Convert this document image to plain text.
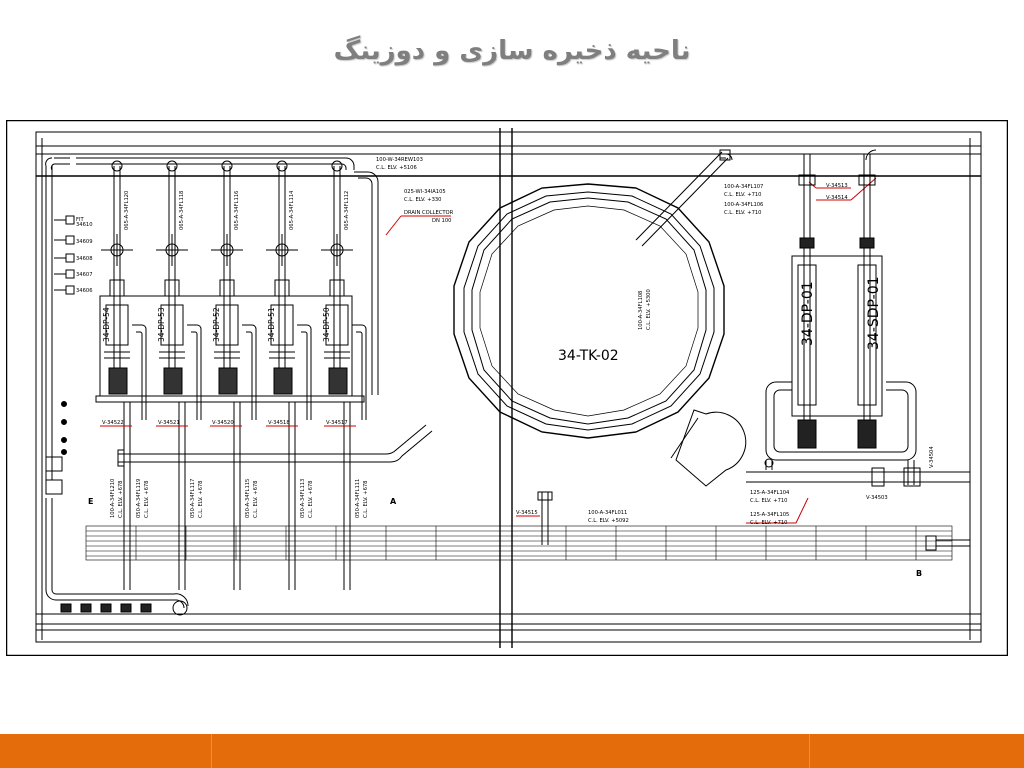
ناحیه ذخیره سازی و دوزینگ
100-W-34REW103
C.L. ELV. +5106
025-WI-34IA105
C.L. ELV. +330
DRAIN COLLECTOR
DN 100
100-A-34FL107
C.L. ELV. +710
100-A-34FL106
C.L. ELV. +710
V-34513
V-34514
V-34515	100-A-34FL011
C.L. ELV. +5092
125-A-34FL104
C.L. ELV. +710
125-A-34FL105
C.L. ELV. +710
V-34503
V-34504
100-A-34FL108 C.L. ELV. +5300
V-34522	V-34521	V-34520	V-34518	V-34517
065-A-34FL120	065-A-34FL118	065-A-34FL116	065-A-34FL114	065-A-34FL112
FIT
34610
34609
34608
34607
34606
100-A-34FL210 C.L. ELV. +678 050-A-34FL119 C.L. ELV. +678	050-A-34FL117 C.L. ELV. +678	050-A-34FL115 C.L. ELV. +678	050-A-34FL113 C.L. ELV. +678	050-A-34FL111 C.L. ELV. +678
34-DP-54	34-DP-53	34-DP-52	34-DP-51	34-DP-50	34-DP-01	34-SDP-01
34-TK-02
A
B
E
